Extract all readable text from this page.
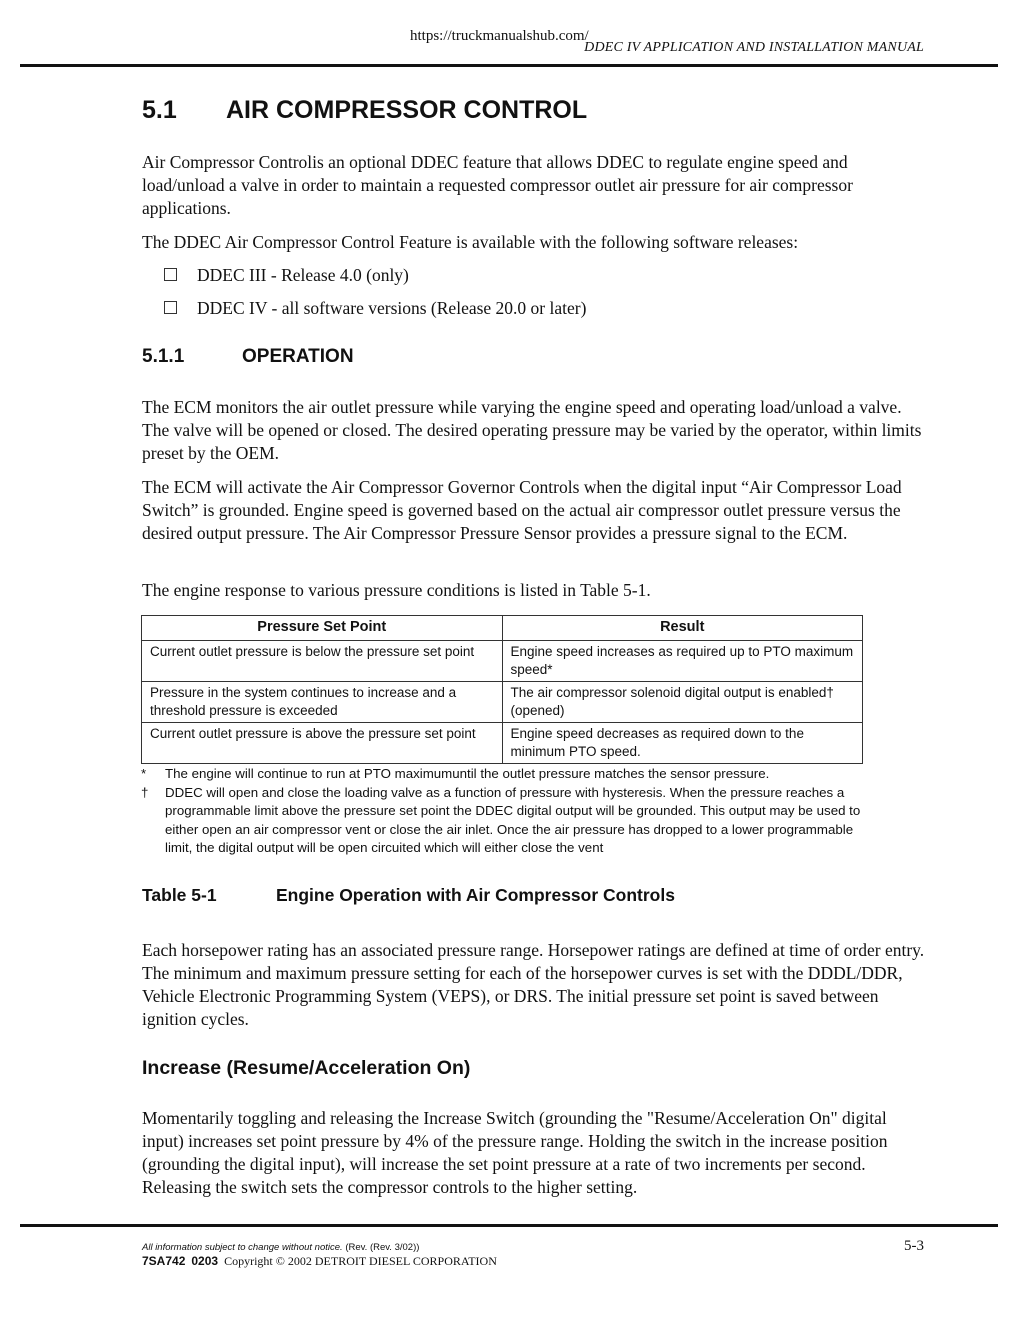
https://truckmanualshub.com/
DDEC IV APPLICATION AND INSTALLATION MANUAL
5.1 AIR COMPRESSOR CONTROL
Air Compressor Controlis an optional DDEC feature that allows DDEC to regulate engine speed and load/unload a valve in order to maintain a requested compressor outlet air pressure for air compressor applications.
The DDEC Air Compressor Control Feature is available with the following software releases:
DDEC III - Release 4.0 (only)
DDEC IV - all software versions (Release 20.0 or later)
5.1.1	OPERATION
The ECM monitors the air outlet pressure while varying the engine speed and operating load/unload a valve. The valve will be opened or closed. The desired operating pressure may be varied by the operator, within limits preset by the OEM.
The ECM will activate the Air Compressor Governor Controls when the digital input “Air Compressor Load Switch” is grounded. Engine speed is governed based on the actual air compressor outlet pressure versus the desired output pressure. The Air Compressor Pressure Sensor provides a pressure signal to the ECM.
The engine response to various pressure conditions is listed in Table 5-1.
Pressure Set Point	Result
Current outlet pressure is below the pressure set point	Engine speed increases as required up to PTO maximum speed*
Pressure in the system continues to increase and a threshold pressure is exceeded	The air compressor solenoid digital output is enabled† (opened)
Current outlet pressure is above the pressure set point	Engine speed decreases as required down to the minimum PTO speed.
* The engine will continue to run at PTO maximumuntil the outlet pressure matches the sensor pressure.
† DDEC will open and close the loading valve as a function of pressure with hysteresis. When the pressure reaches a programmable limit above the pressure set point the DDEC digital output will be grounded. This output may be used to either open an air compressor vent or close the air inlet. Once the air pressure has dropped to a lower programmable limit, the digital output will be open circuited which will either close the vent
Table 5-1	Engine Operation with Air Compressor Controls
Each horsepower rating has an associated pressure range. Horsepower ratings are defined at time of order entry. The minimum and maximum pressure setting for each of the horsepower curves is set with the DDDL/DDR, Vehicle Electronic Programming System (VEPS), or DRS. The initial pressure set point is saved between ignition cycles.
Increase (Resume/Acceleration On)
Momentarily toggling and releasing the Increase Switch (grounding the "Resume/Acceleration On" digital input) increases set point pressure by 4% of the pressure range. Holding the switch in the increase position (grounding the digital input), will increase the set point pressure at a rate of two increments per second. Releasing the switch sets the compressor controls to the higher setting.
All information subject to change without notice. (Rev. (Rev. 3/02))
7SA742 0203 Copyright © 2002 DETROIT DIESEL CORPORATION
5-3
